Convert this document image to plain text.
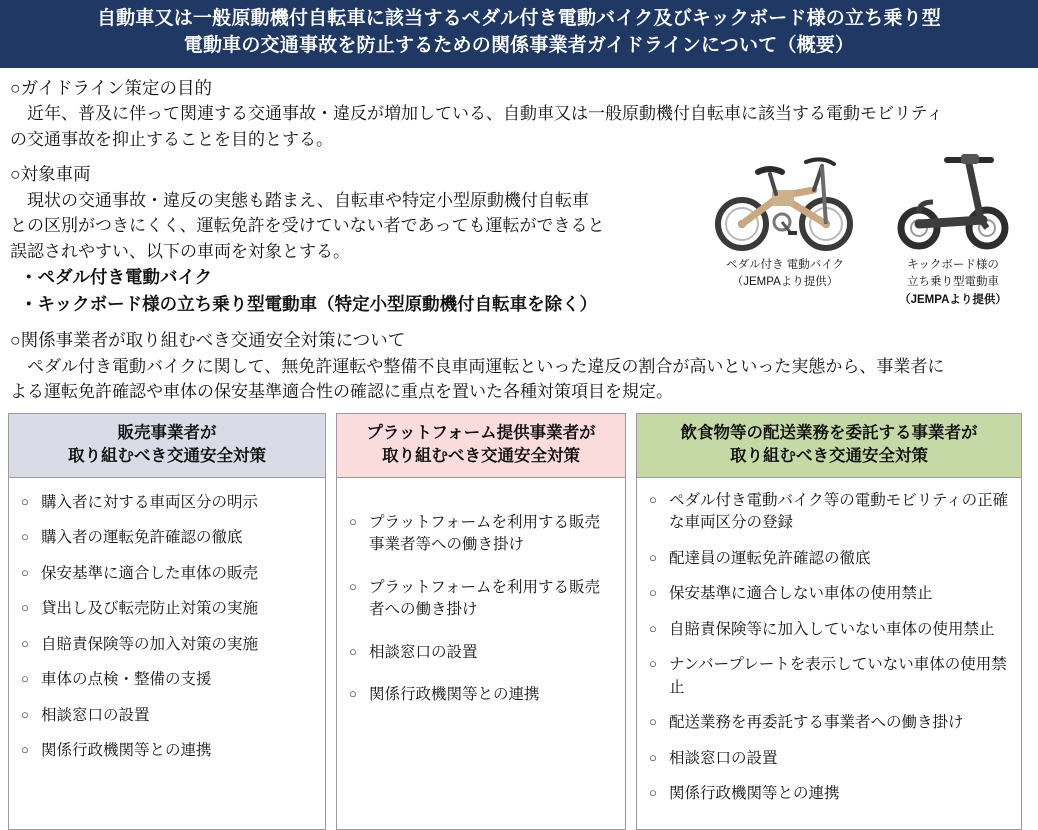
自動車又は一般原動機付自転車に該当するペダル付き電動バイク及びキックボード様の立ち乗り型
電動車の交通事故を防止するための関係事業者ガイドラインについて（概要）
○ガイドライン策定の目的
近年、普及に伴って関連する交通事故・違反が増加している、自動車又は一般原動機付自転車に該当する電動モビリティ
の交通事故を抑止することを目的とする。
○対象車両
現状の交通事故・違反の実態も踏まえ、自転車や特定小型原動機付自転車
との区別がつきにくく、運転免許を受けていない者であっても運転ができると
誤認されやすい、以下の車両を対象とする。
・ペダル付き電動バイク
・キックボード様の立ち乗り型電動車（特定小型原動機付自転車を除く）
ペダル付き 電動バイク
（JEMPAより提供）
キックボード様の
立ち乗り型電動車
（JEMPAより提供）
○関係事業者が取り組むべき交通安全対策について
ペダル付き電動バイクに関して、無免許運転や整備不良車両運転といった違反の割合が高いといった実態から、事業者に
よる運転免許確認や車体の保安基準適合性の確認に重点を置いた各種対策項目を規定。
販売事業者が
取り組むべき交通安全対策
○ 購入者に対する車両区分の明示
○ 購入者の運転免許確認の徹底
○ 保安基準に適合した車体の販売
○ 貸出し及び転売防止対策の実施
○ 自賠責保険等の加入対策の実施
○ 車体の点検・整備の支援
○ 相談窓口の設置
○ 関係行政機関等との連携
プラットフォーム提供事業者が
取り組むべき交通安全対策
○ プラットフォームを利用する販売事業者等への働き掛け
○ プラットフォームを利用する販売者への働き掛け
○ 相談窓口の設置
○ 関係行政機関等との連携
飲食物等の配送業務を委託する事業者が
取り組むべき交通安全対策
○ ペダル付き電動バイク等の電動モビリティの正確な車両区分の登録
○ 配達員の運転免許確認の徹底
○ 保安基準に適合しない車体の使用禁止
○ 自賠責保険等に加入していない車体の使用禁止
○ ナンバープレートを表示していない車体の使用禁止
○ 配送業務を再委託する事業者への働き掛け
○ 相談窓口の設置
○ 関係行政機関等との連携
